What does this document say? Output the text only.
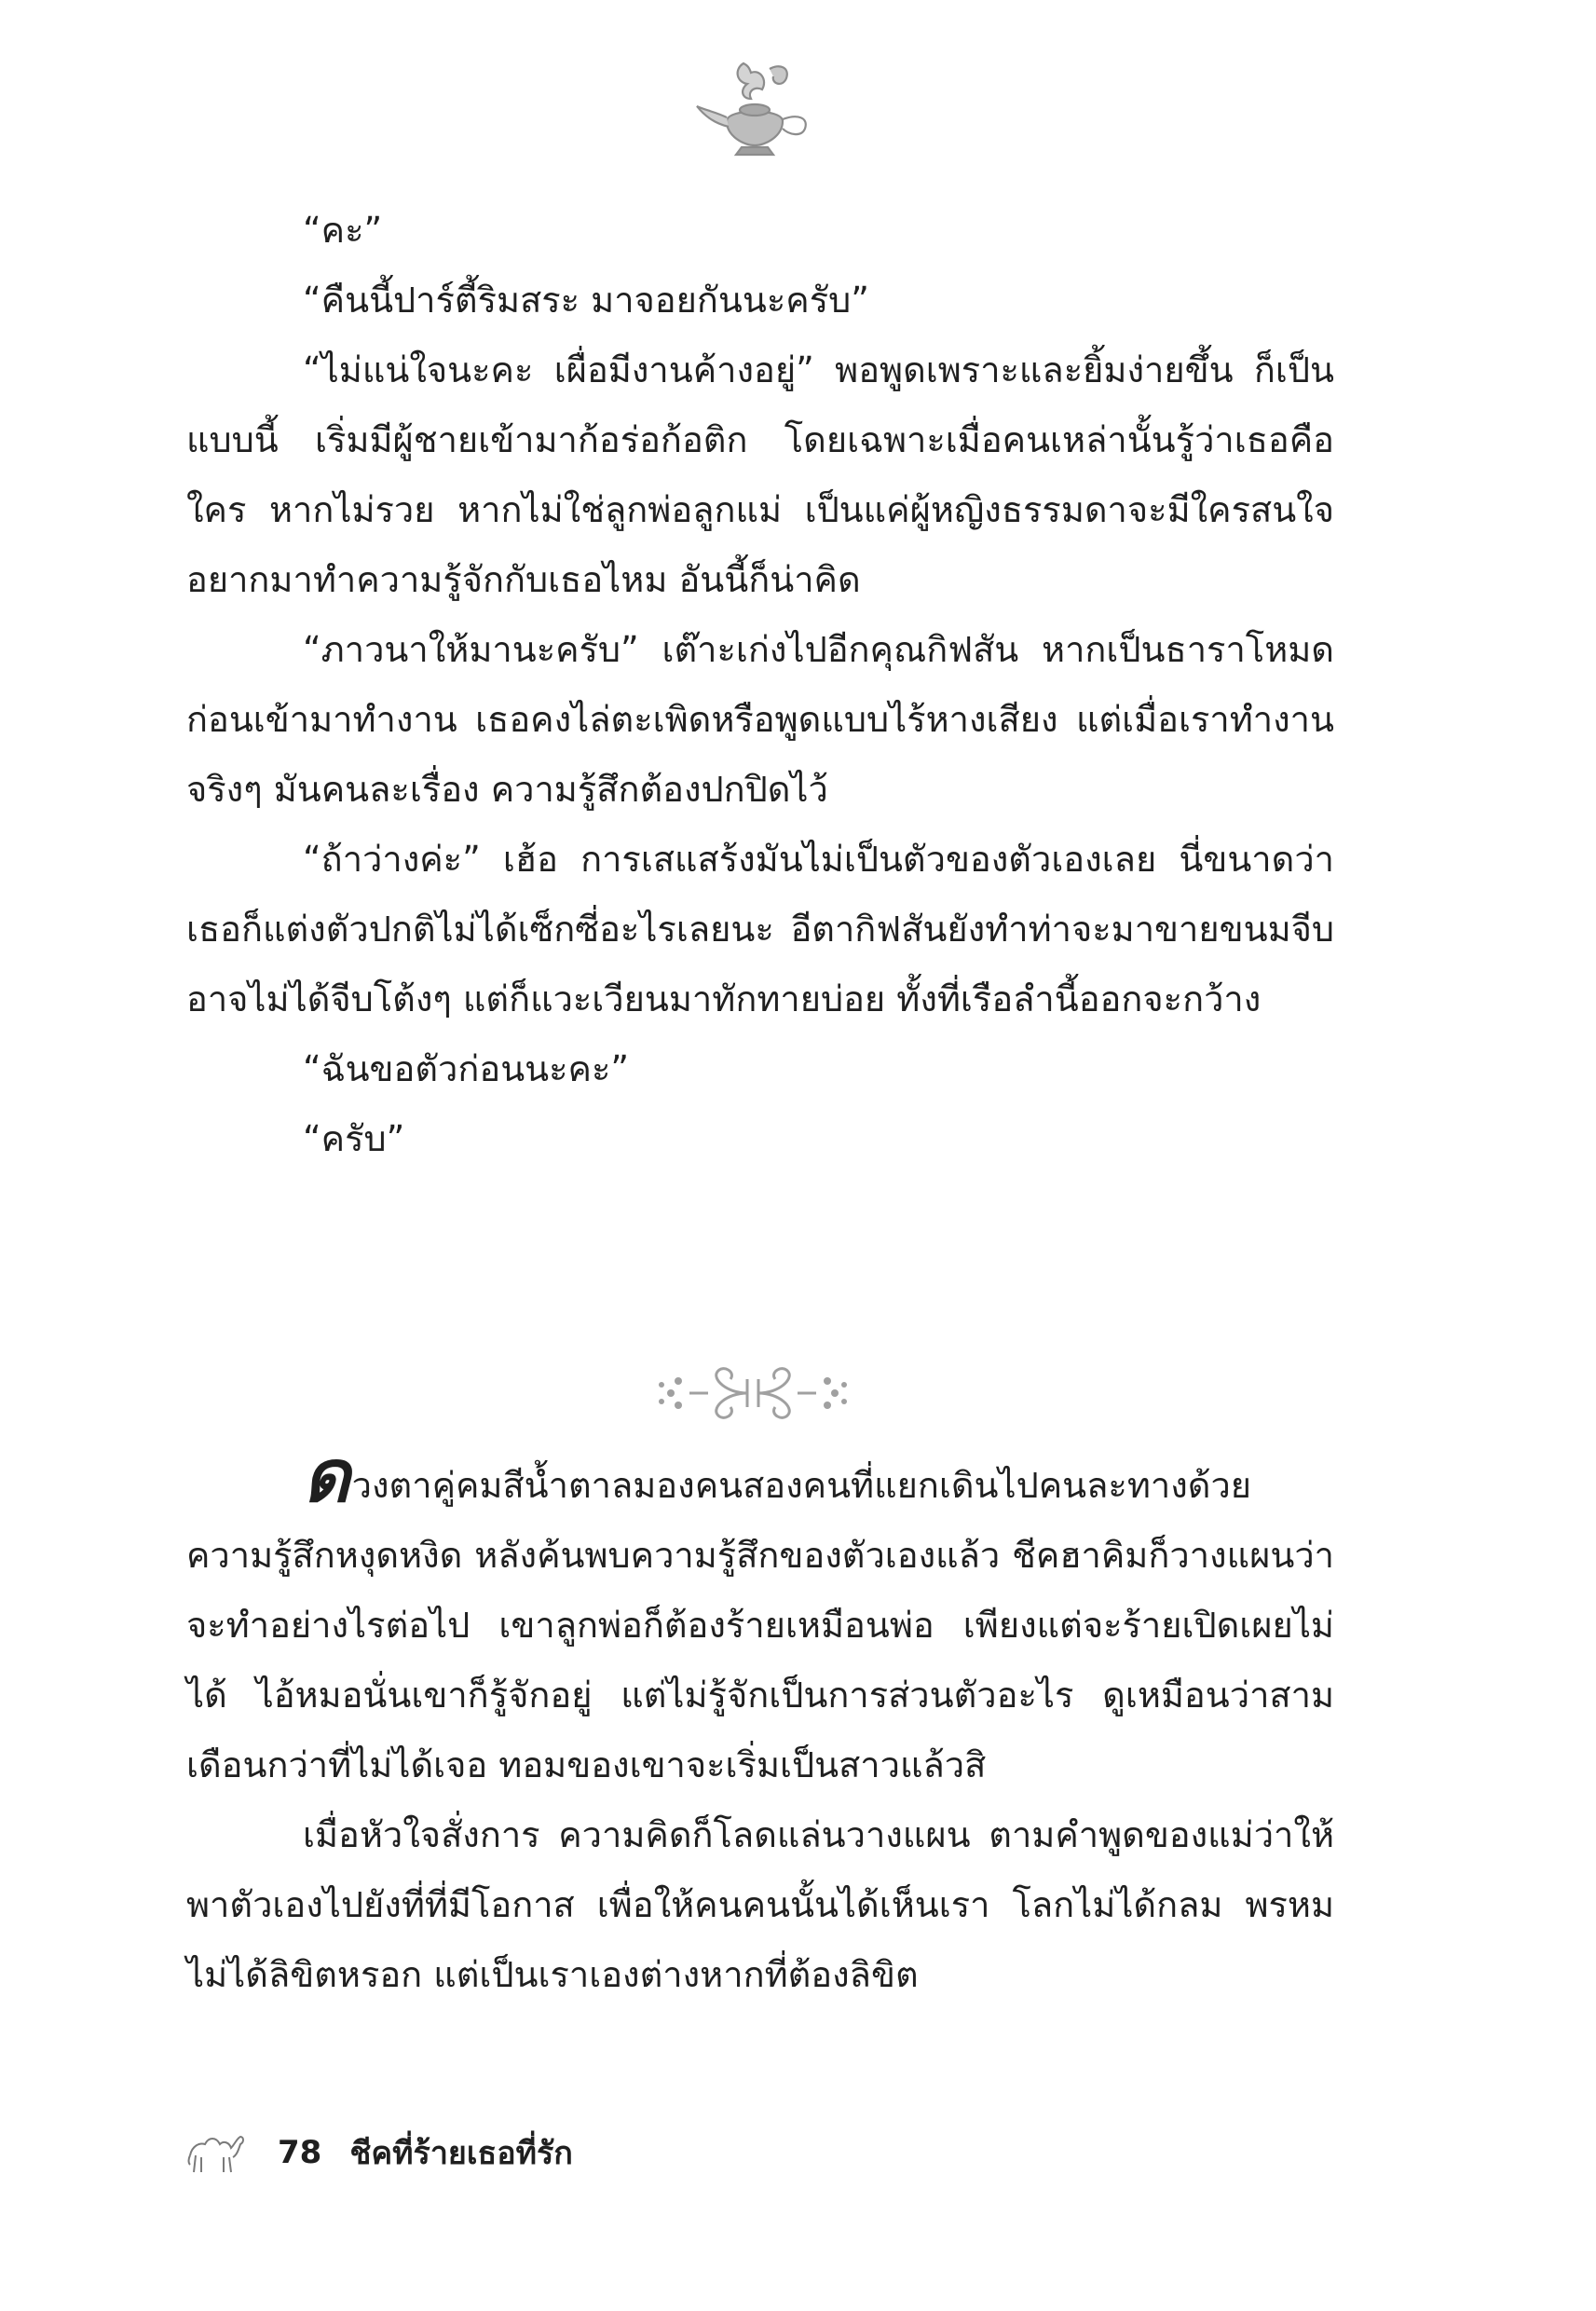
“คะ”

“คืนนี้ปาร์ตี้ริมสระ มาจอยกันนะครับ”

“ไม่แน่ใจนะคะ เผื่อมีงานค้างอยู่” พอพูดเพราะและยิ้มง่ายขึ้น ก็เป็นแบบนี้ เริ่มมีผู้ชายเข้ามาก้อร่อก้อติก โดยเฉพาะเมื่อคนเหล่านั้นรู้ว่าเธอคือใคร หากไม่รวย หากไม่ใช่ลูกพ่อลูกแม่ เป็นแค่ผู้หญิงธรรมดาจะมีใครสนใจอยากมาทำความรู้จักกับเธอไหม อันนี้ก็น่าคิด

“ภาวนาให้มานะครับ” เต๊าะเก่งไปอีกคุณกิฟสัน หากเป็นธาราโหมดก่อนเข้ามาทำงาน เธอคงไล่ตะเพิดหรือพูดแบบไร้หางเสียง แต่เมื่อเราทำงานจริงๆ มันคนละเรื่อง ความรู้สึกต้องปกปิดไว้

“ถ้าว่างค่ะ” เฮ้อ การเสแสร้งมันไม่เป็นตัวของตัวเองเลย นี่ขนาดว่าเธอก็แต่งตัวปกติไม่ได้เซ็กซี่อะไรเลยนะ อีตากิฟสันยังทำท่าจะมาขายขนมจีบ อาจไม่ได้จีบโต้งๆ แต่ก็แวะเวียนมาทักทายบ่อย ทั้งที่เรือลำนี้ออกจะกว้าง

“ฉันขอตัวก่อนนะคะ”

“ครับ”

ดวงตาคู่คมสีน้ำตาลมองคนสองคนที่แยกเดินไปคนละทางด้วยความรู้สึกหงุดหงิด หลังค้นพบความรู้สึกของตัวเองแล้ว ชีคฮาคิมก็วางแผนว่าจะทำอย่างไรต่อไป เขาลูกพ่อก็ต้องร้ายเหมือนพ่อ เพียงแต่จะร้ายเปิดเผยไม่ได้ ไอ้หมอนั่นเขาก็รู้จักอยู่ แต่ไม่รู้จักเป็นการส่วนตัวอะไร ดูเหมือนว่าสามเดือนกว่าที่ไม่ได้เจอ ทอมของเขาจะเริ่มเป็นสาวแล้วสิ

เมื่อหัวใจสั่งการ ความคิดก็โลดแล่นวางแผน ตามคำพูดของแม่ว่าให้พาตัวเองไปยังที่ที่มีโอกาส เพื่อให้คนคนนั้นได้เห็นเรา โลกไม่ได้กลม พรหมไม่ได้ลิขิตหรอก แต่เป็นเราเองต่างหากที่ต้องลิขิต

78 ชีคที่ร้ายเธอที่รัก
